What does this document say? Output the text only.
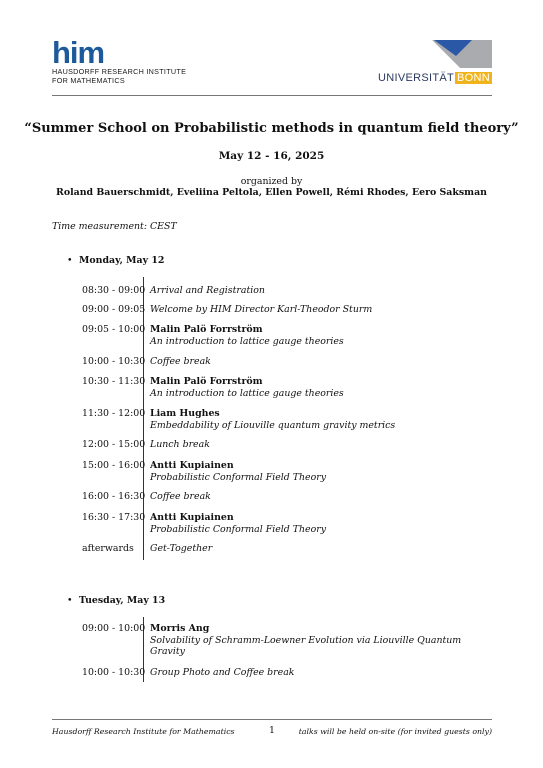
him
HAUSDORFF RESEARCH INSTITUTE
FOR MATHEMATICS	UNIVERSITÄT BONN
“Summer School on Probabilistic methods in quantum field theory”
May 12 - 16, 2025
organized by
Roland Bauerschmidt, Eveliina Peltola, Ellen Powell, Rémi Rhodes, Eero Saksman
Time measurement: CEST
• Monday, May 12
08:30 - 09:00 Arrival and Registration
09:00 - 09:05 Welcome by HIM Director Karl-Theodor Sturm
09:05 - 10:00 Malin Palö Forrström
An introduction to lattice gauge theories
10:00 - 10:30 Coffee break
10:30 - 11:30 Malin Palö Forrström
An introduction to lattice gauge theories
11:30 - 12:00 Liam Hughes
Embeddability of Liouville quantum gravity metrics
12:00 - 15:00 Lunch break
15:00 - 16:00 Antti Kupiainen
Probabilistic Conformal Field Theory
16:00 - 16:30 Coffee break
16:30 - 17:30 Antti Kupiainen
Probabilistic Conformal Field Theory
afterwards Get-Together
• Tuesday, May 13
09:00 - 10:00 Morris Ang
Solvability of Schramm-Loewner Evolution via Liouville Quantum Gravity
10:00 - 10:30 Group Photo and Coffee break
Hausdorff Research Institute for Mathematics	1	talks will be held on-site (for invited guests only)
